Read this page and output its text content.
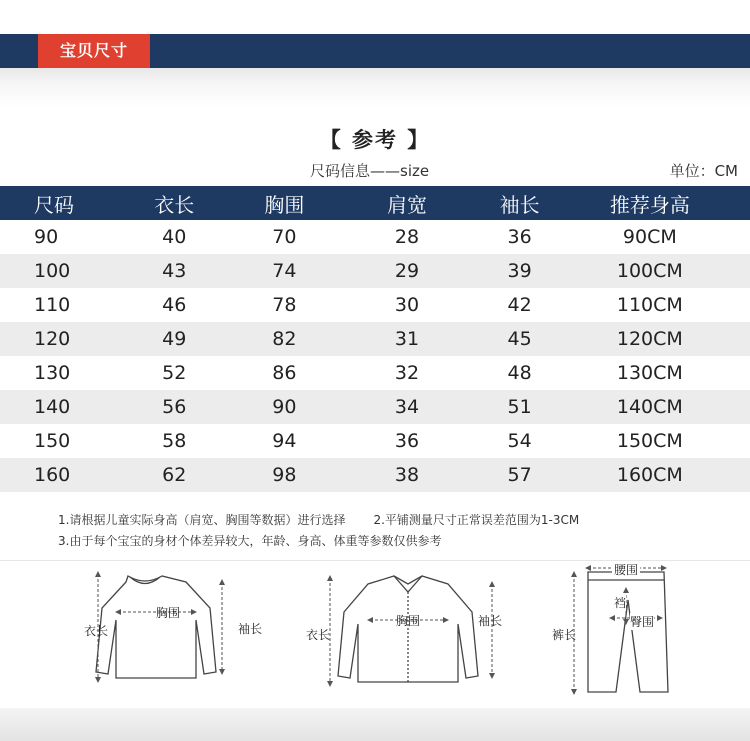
宝贝尺寸
【 参考 】
尺码信息——size	单位：CM
尺码	衣长	胸围	肩宽	袖长	推荐身高
90	40	70	28	36	90CM
100	43	74	29	39	100CM
110	46	78	30	42	110CM
120	49	82	31	45	120CM
130	52	86	32	48	130CM
140	56	90	34	51	140CM
150	58	94	36	54	150CM
160	62	98	38	57	160CM
1.请根据儿童实际身高（肩宽、胸围等数据）进行选择 2.平铺测量尺寸正常误差范围为1-3CM
3.由于每个宝宝的身材个体差异较大，年龄、身高、体重等参数仅供参考
衣长
胸围
袖长	衣长
胸围	袖长
腰围
裆
裤长
臀围
